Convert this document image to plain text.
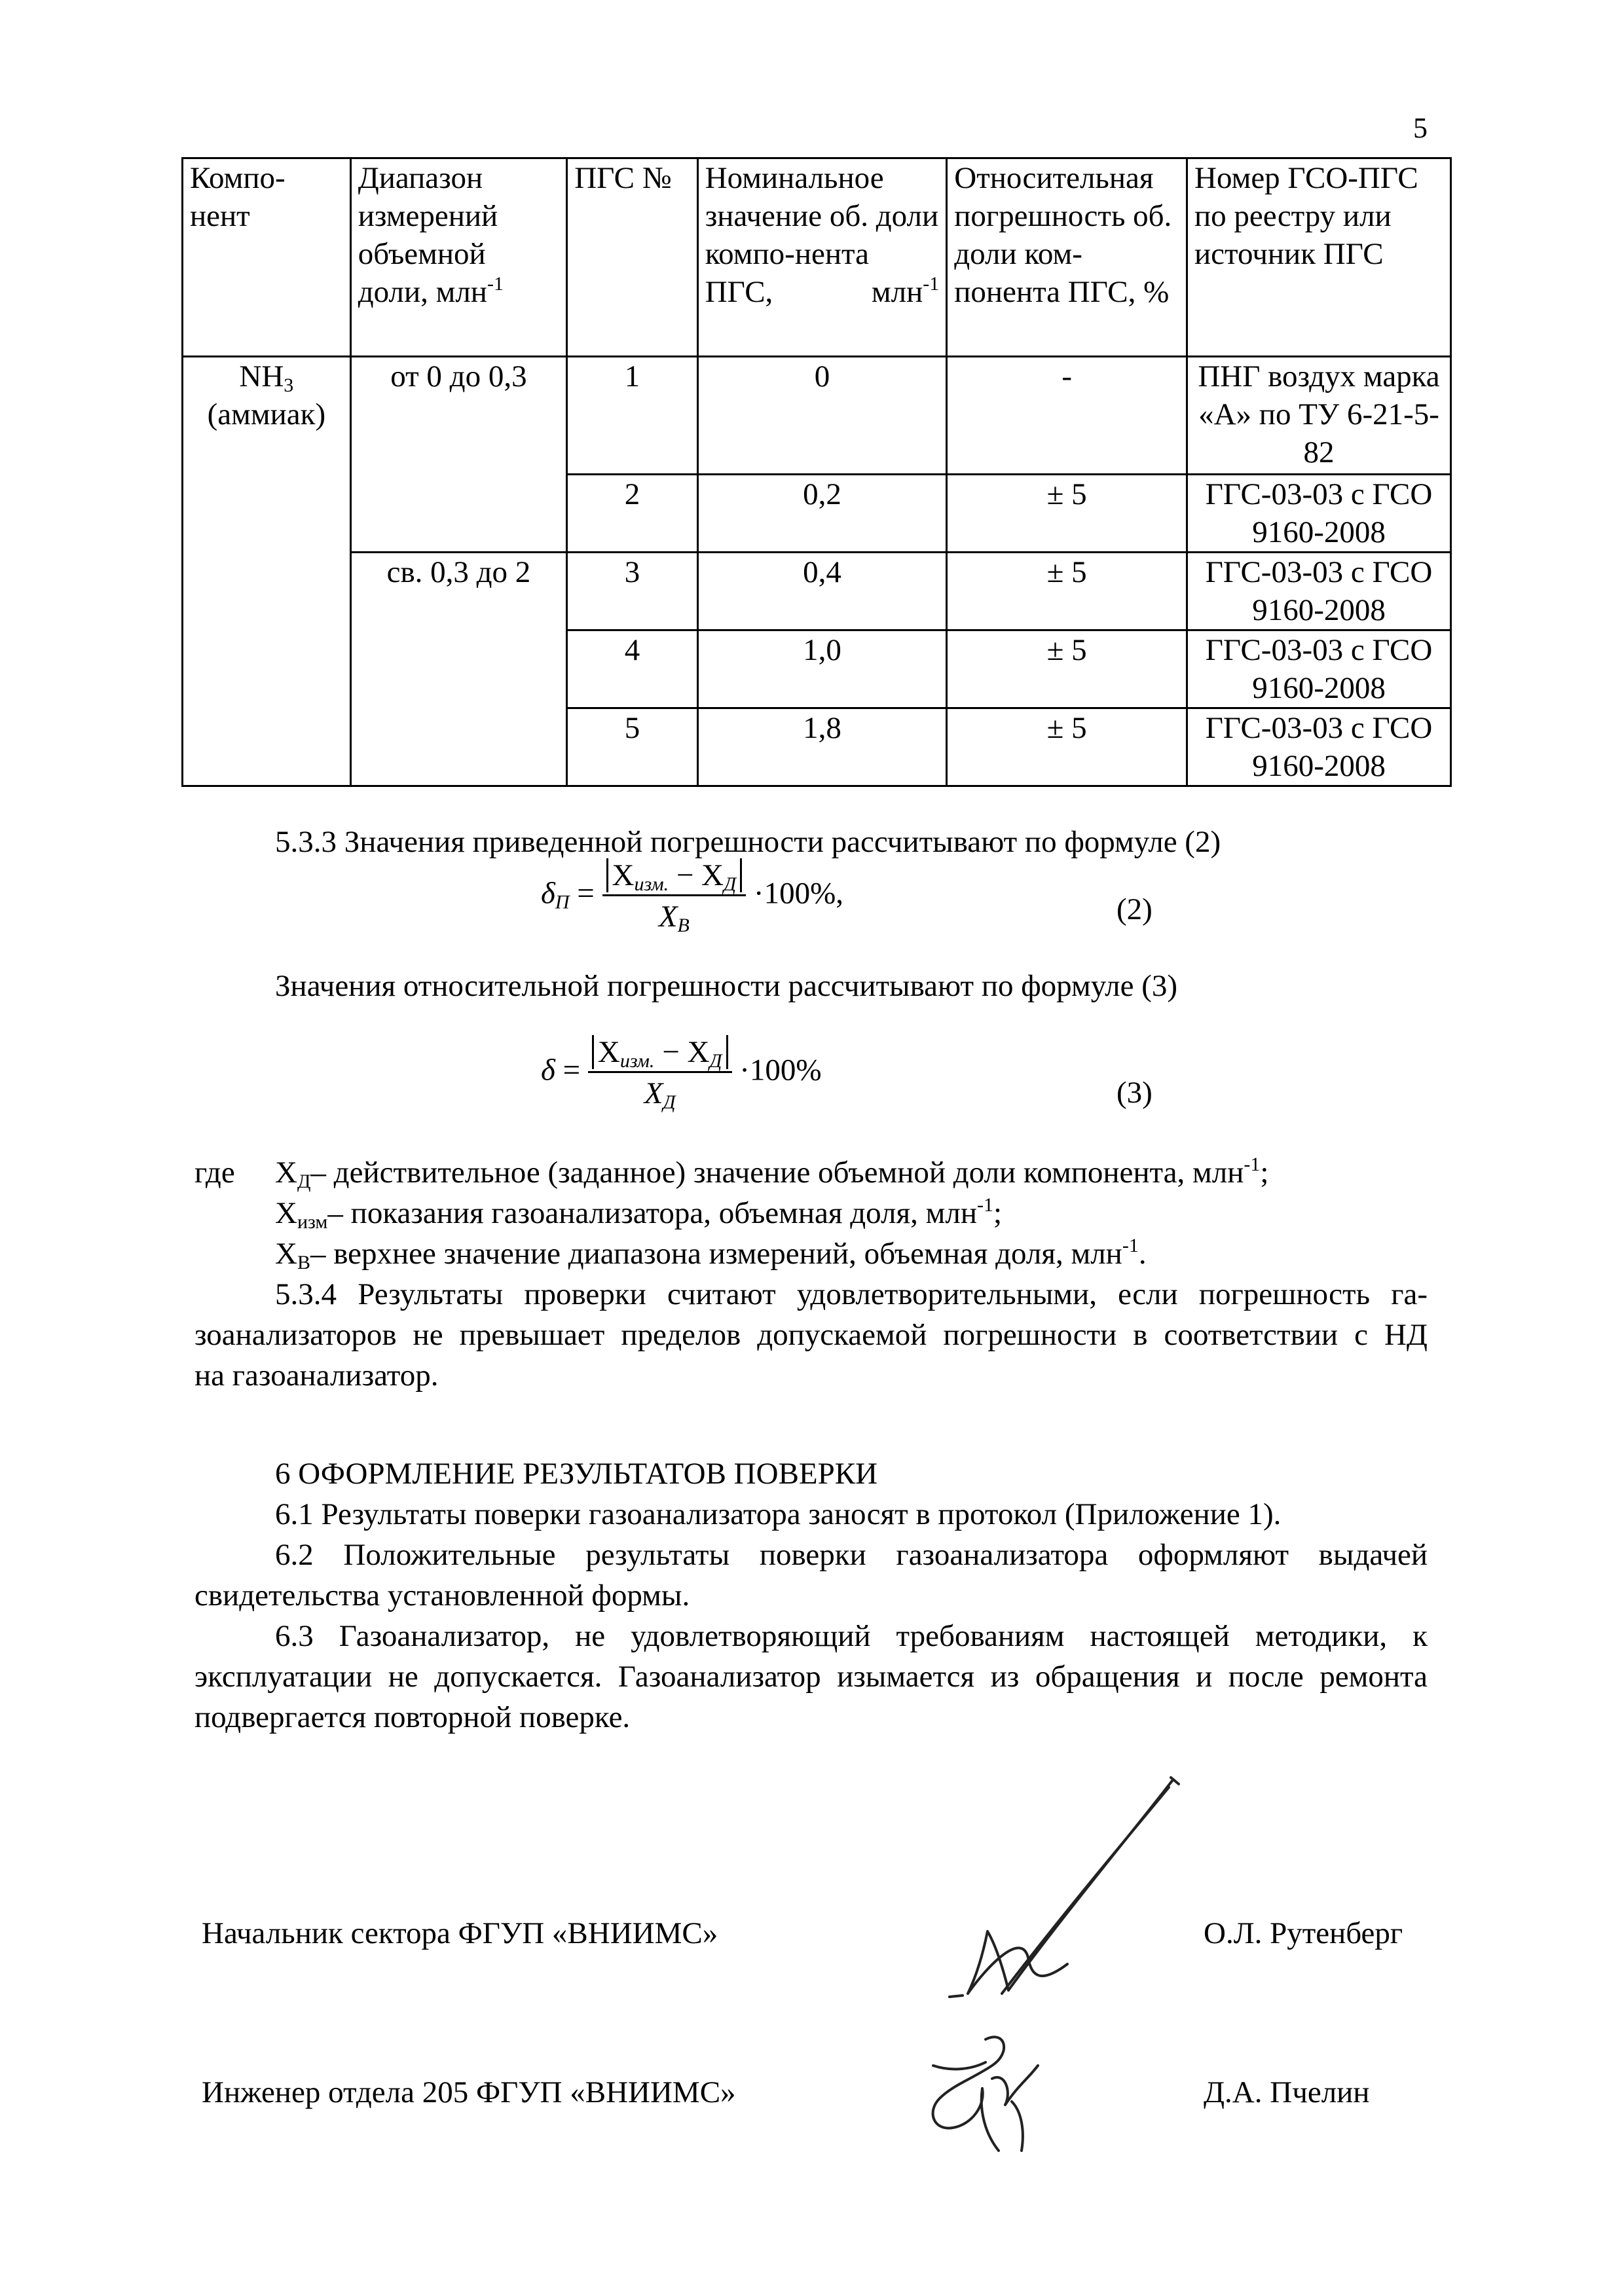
5
Компо-нент	Диапазон измерений объемной доли, млн$^{-1}$	ПГС №	Номинальное значение об. доли компо-нента ПГС, млн$^{-1}$	Относительная погрешность об. доли ком-понента ПГС, %	Номер ГСО-ПГС по реестру или источник ПГС
$NH_3$
(аммиак)	от 0 до 0,3	1	0	-	ПНГ воздух марка «А» по ТУ 6-21-5-82
		2	0,2	± 5	ГГС-03-03 с ГСО 9160-2008
	св. 0,3 до 2	3	0,4	± 5	ГГС-03-03 с ГСО 9160-2008
		4	1,0	± 5	ГГС-03-03 с ГСО 9160-2008
		5	1,8	± 5	ГГС-03-03 с ГСО 9160-2008
5.3.3 Значения приведенной погрешности рассчитывают по формуле (2)
$\delta_П = \frac{Х_{изм.} - Х_Д}{Х_В} \cdot 100\%$,	(2)
Значения относительной погрешности рассчитывают по формуле (3)
$\delta = \frac{Х_{изм.} - Х_Д}{Х_Д} \cdot 100\%$
(3)
где $Х_Д-$ действительное (заданное) значение объемной доли компонента, млн$^{-1}$;
$Х_{изм}-$ показания газоанализатора, объемная доля, млн$^{-1}$;
$Х_В-$ верхнее значение диапазона измерений, объемная доля, млн$^{-1}$.
5.3.4 Результаты проверки считают удовлетворительными, если погрешность га-
зоанализаторов не превышает пределов допускаемой погрешности в соответствии с НД
на газоанализатор.
6 ОФОРМЛЕНИЕ РЕЗУЛЬТАТОВ ПОВЕРКИ
6.1 Результаты поверки газоанализатора заносят в протокол (Приложение 1).
6.2 Положительные результаты поверки газоанализатора оформляют выдачей
свидетельства установленной формы.
6.3 Газоанализатор, не удовлетворяющий требованиям настоящей методики, к
эксплуатации не допускается. Газоанализатор изымается из обращения и после ремонта
подвергается повторной поверке.
Начальник сектора ФГУП «ВНИИМС»	О.Л. Рутенберг
Инженер отдела 205 ФГУП «ВНИИМС»	Д.А. Пчелин
